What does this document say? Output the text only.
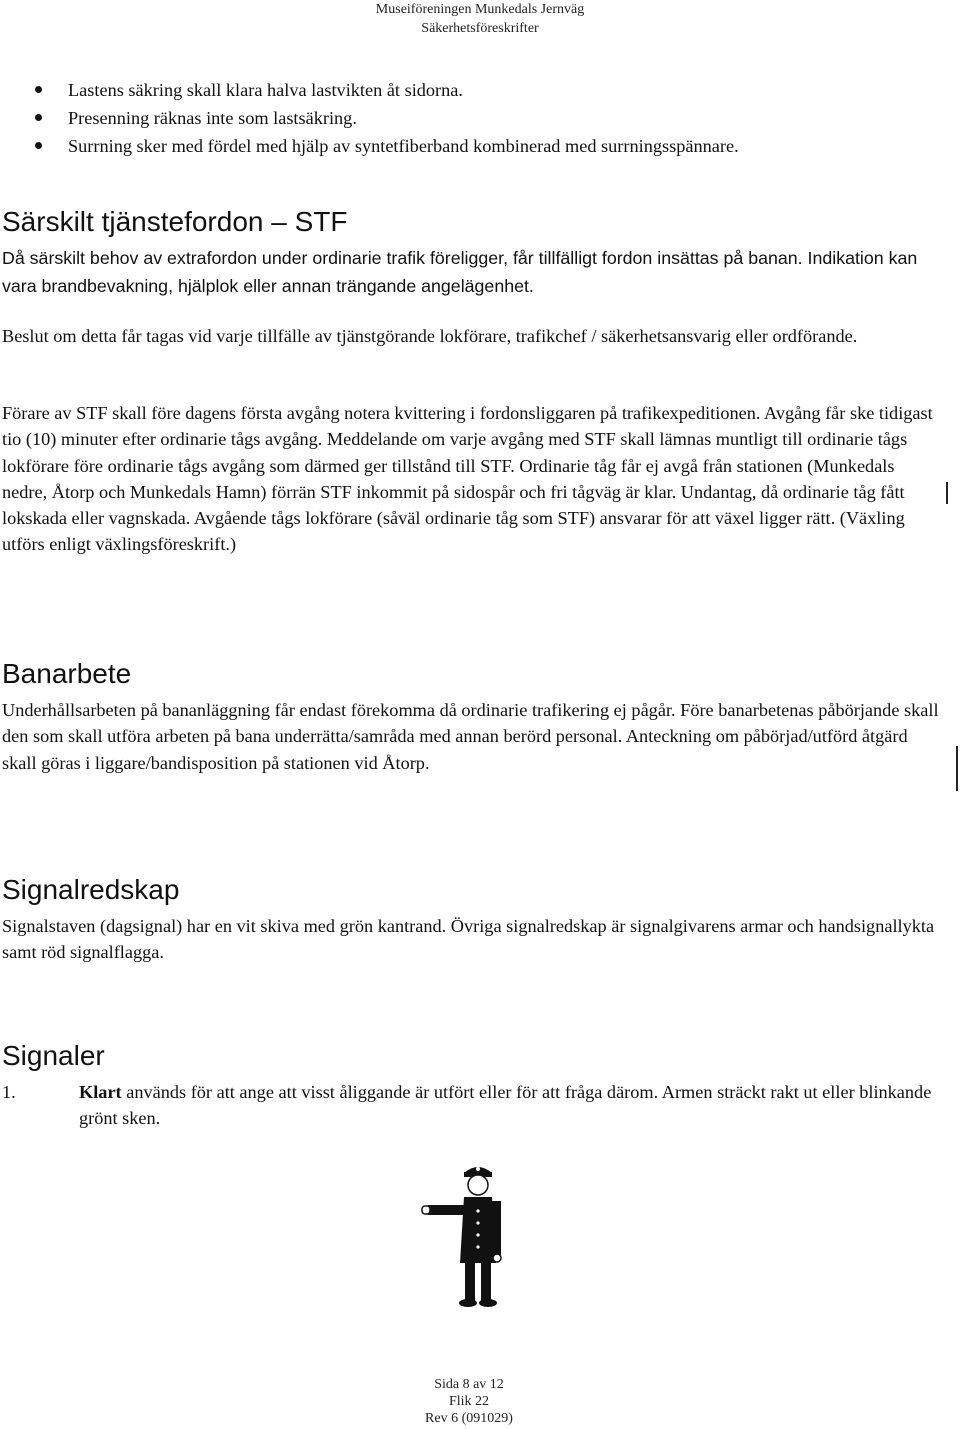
Museiföreningen Munkedals Jernväg
Säkerhetsföreskrifter
Lastens säkring skall klara halva lastvikten åt sidorna.
Presenning räknas inte som lastsäkring.
Surrning sker med fördel med hjälp av syntetfiberband kombinerad med surrningsspännare.
Särskilt tjänstefordon – STF
Då särskilt behov av extrafordon under ordinarie trafik föreligger, får tillfälligt fordon insättas på banan. Indikation kan vara brandbevakning, hjälplok eller annan trängande angelägenhet.
Beslut om detta får tagas vid varje tillfälle av tjänstgörande lokförare, trafikchef / säkerhetsansvarig eller ordförande.
Förare av STF skall före dagens första avgång notera kvittering i fordonsliggaren på trafikexpeditionen. Avgång får ske tidigast tio (10) minuter efter ordinarie tågs avgång. Meddelande om varje avgång med STF skall lämnas muntligt till ordinarie tågs lokförare före ordinarie tågs avgång som därmed ger tillstånd till STF. Ordinarie tåg får ej avgå från stationen (Munkedals nedre, Åtorp och Munkedals Hamn) förrän STF inkommit på sidospår och fri tågväg är klar. Undantag, då ordinarie tåg fått lokskada eller vagnskada. Avgående tågs lokförare (såväl ordinarie tåg som STF) ansvarar för att växel ligger rätt. (Växling utförs enligt växlingsföreskrift.)
Banarbete
Underhållsarbeten på bananläggning får endast förekomma då ordinarie trafikering ej pågår. Före banarbetenas påbörjande skall den som skall utföra arbeten på bana underrätta/samråda med annan berörd personal. Anteckning om påbörjad/utförd åtgärd skall göras i liggare/bandisposition på stationen vid Åtorp.
Signalredskap
Signalstaven (dagsignal) har en vit skiva med grön kantrand. Övriga signalredskap är signalgivarens armar och handsignallykta samt röd signalflagga.
Signaler
1.	Klart används för att ange att visst åliggande är utfört eller för att fråga därom. Armen sträckt rakt ut eller blinkande grönt sken.
Sida 8 av 12
Flik 22
Rev 6 (091029)
